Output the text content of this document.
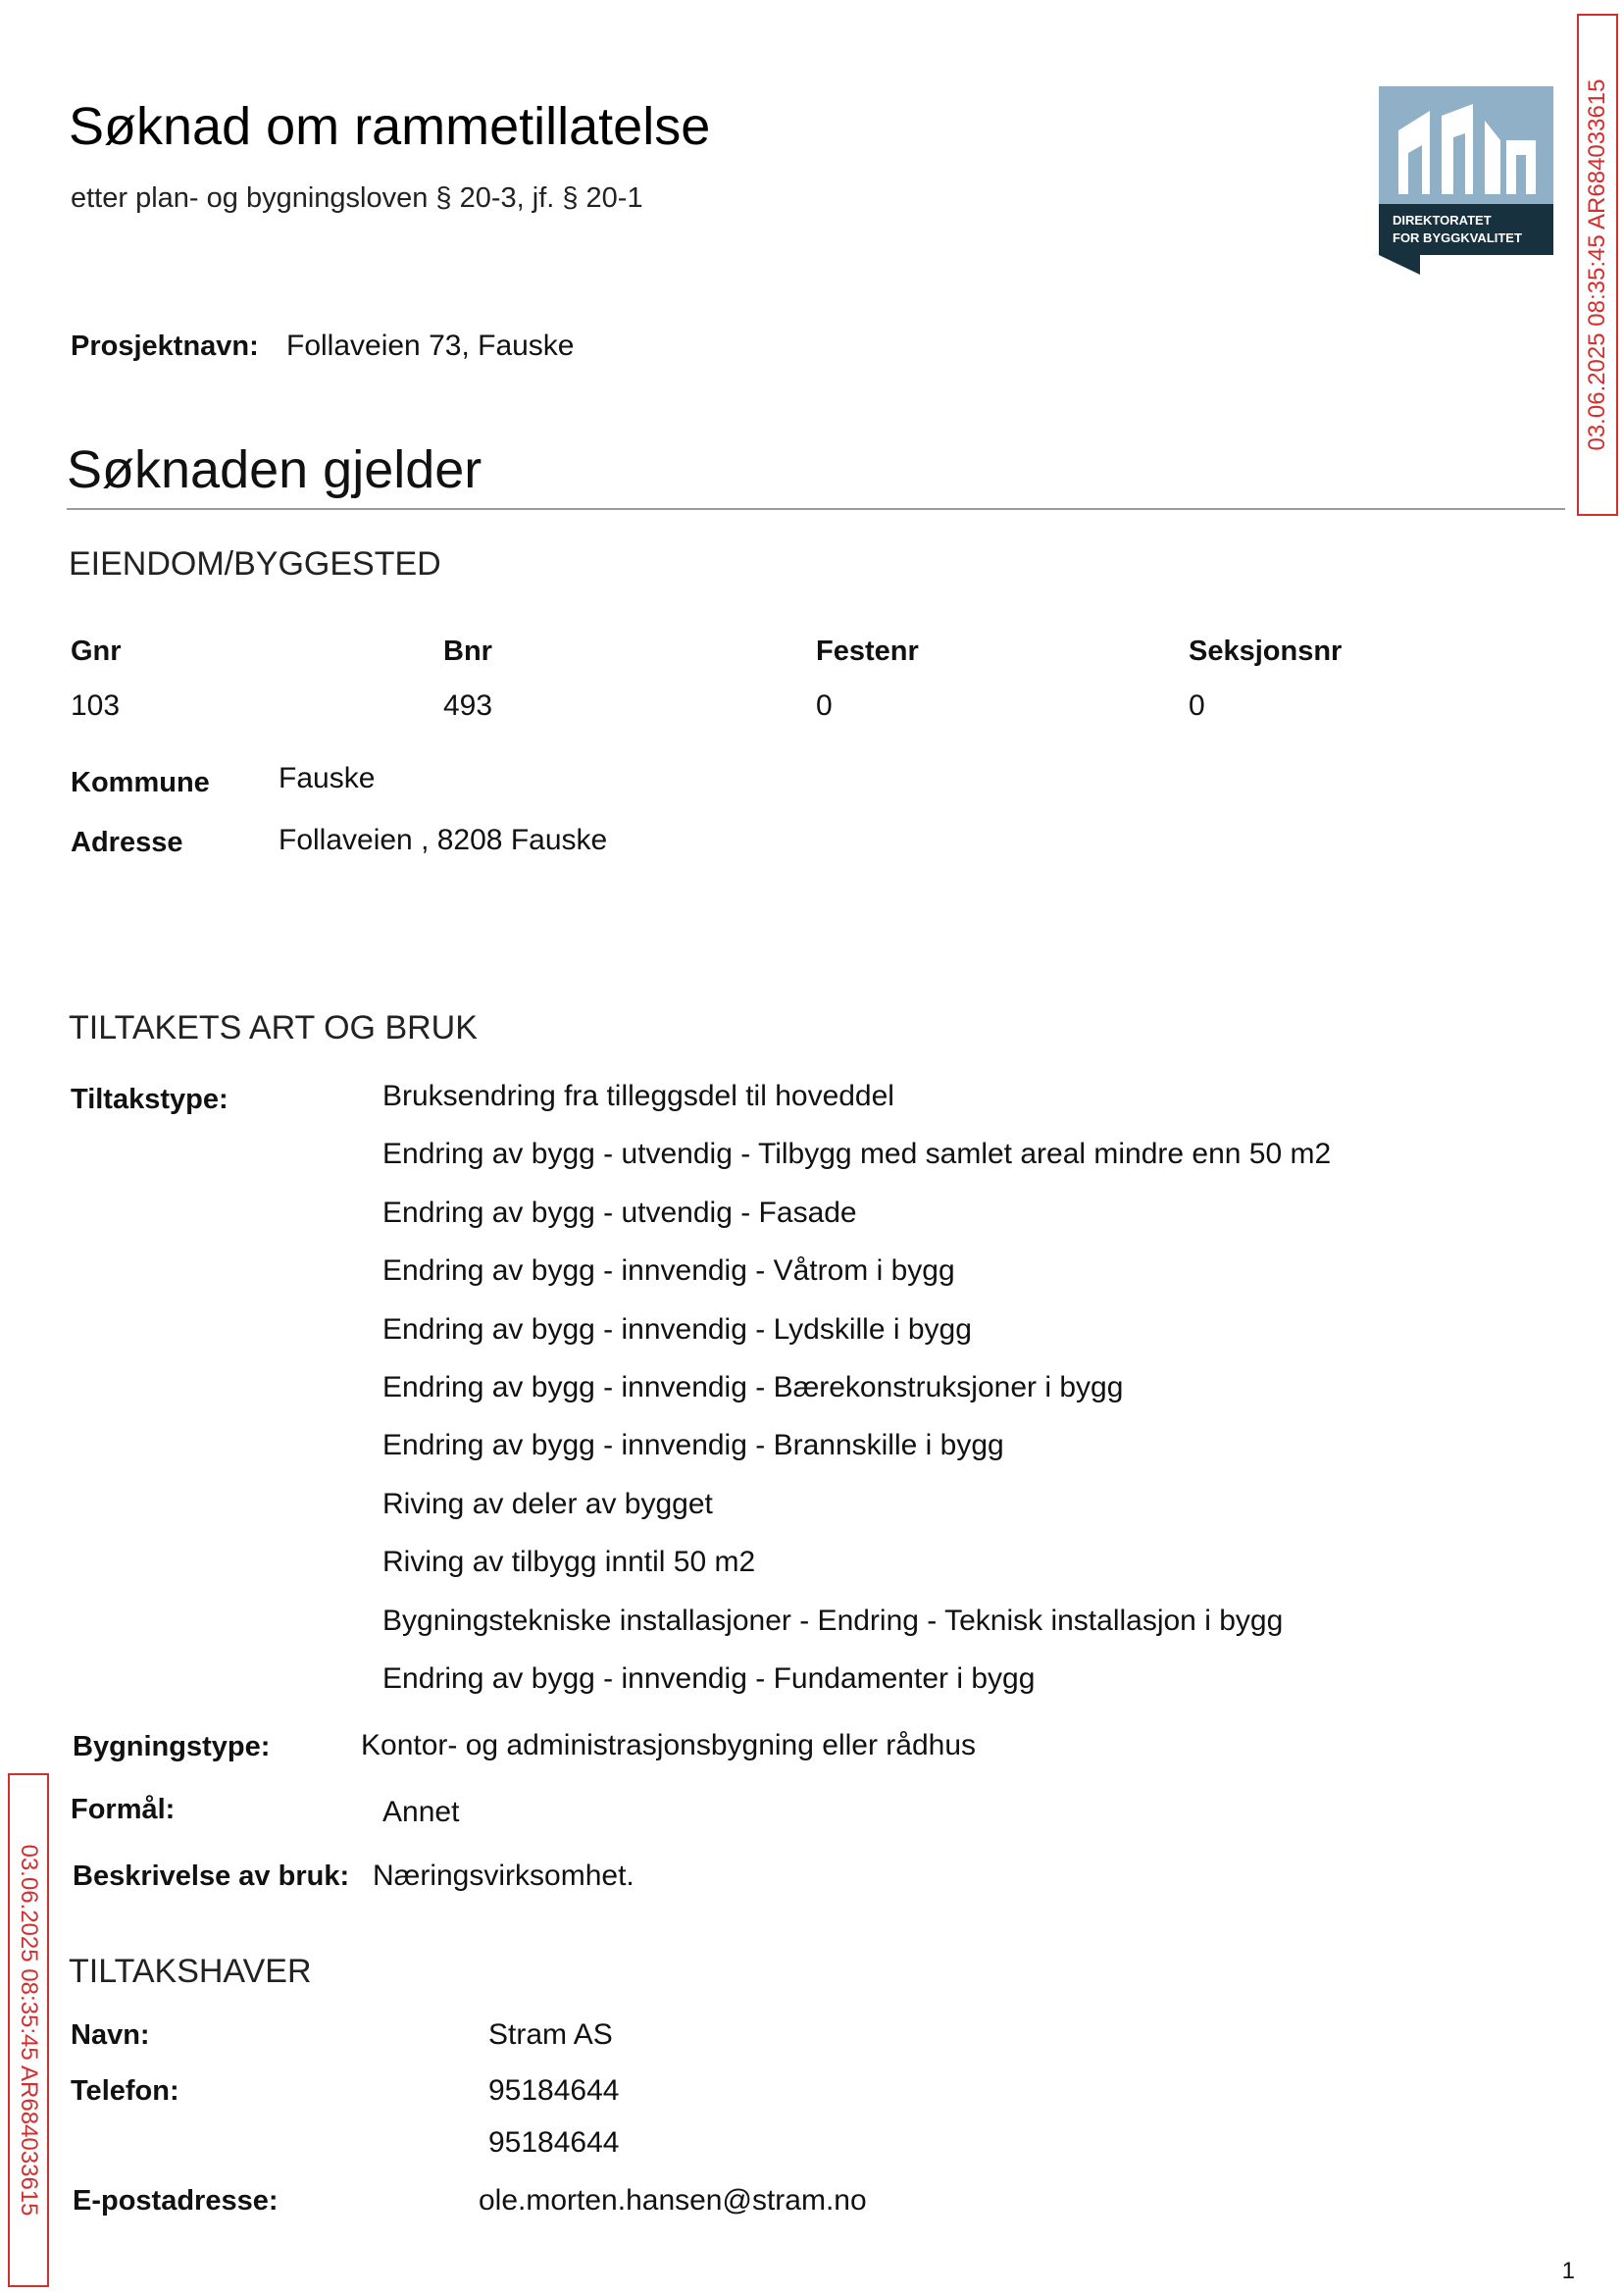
Søknad om rammetillatelse
etter plan- og bygningsloven § 20-3, jf. § 20-1
DIREKTORATET
FOR BYGGKVALITET
Prosjektnavn: Follaveien 73, Fauske
Søknaden gjelder
EIENDOM/BYGGESTED
Gnr	Bnr	Festenr	Seksjonsnr
103	493	0	0
Kommune Fauske
Adresse	Follaveien , 8208 Fauske
TILTAKETS ART OG BRUK
Tiltakstype:	Bruksendring fra tilleggsdel til hoveddel
Endring av bygg - utvendig - Tilbygg med samlet areal mindre enn 50 m2
Endring av bygg - utvendig - Fasade
Endring av bygg - innvendig - Våtrom i bygg
Endring av bygg - innvendig - Lydskille i bygg
Endring av bygg - innvendig - Bærekonstruksjoner i bygg
Endring av bygg - innvendig - Brannskille i bygg
Riving av deler av bygget
Riving av tilbygg inntil 50 m2
Bygningstekniske installasjoner - Endring - Teknisk installasjon i bygg
Endring av bygg - innvendig - Fundamenter i bygg
Bygningstype:	Kontor- og administrasjonsbygning eller rådhus
Formål:	Annet
Beskrivelse av bruk: Næringsvirksomhet.
TILTAKSHAVER
Navn:	Stram AS
Telefon:	95184644
95184644
E-postadresse:	ole.morten.hansen@stram.no
03.06.2025 08:35:45 AR684033615
03.06.2025 08:35:45 AR684033615
1
